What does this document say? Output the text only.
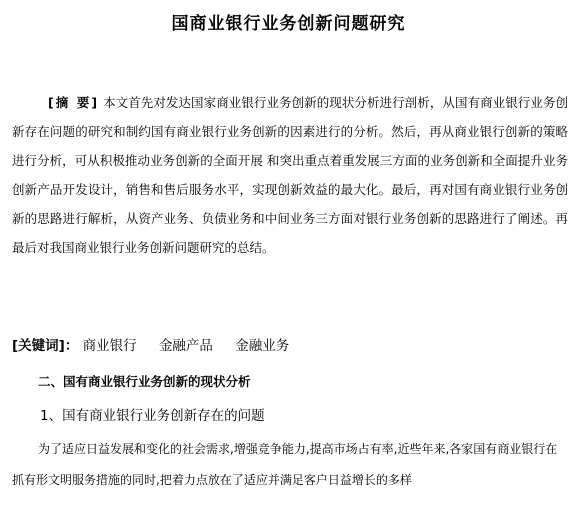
国商业银行业务创新问题研究

[摘 要] 本文首先对发达国家商业银行业务创新的现状分析进行剖析，从国有商业银行业务创新存在问题的研究和制约国有商业银行业务创新的因素进行的分析。然后，再从商业银行创新的策略进行分析，可从积极推动业务创新的全面开展 和突出重点着重发展三方面的业务创新和全面提升业务创新产品开发设计，销售和售后服务水平，实现创新效益的最大化。最后，再对国有商业银行业务创新的思路进行解析，从资产业务、负债业务和中间业务三方面对银行业务创新的思路进行了阐述。再最后对我国商业银行业务创新问题研究的总结。

[关键词]： 商业银行 金融产品 金融业务
二、国有商业银行业务创新的现状分析
1、国有商业银行业务创新存在的问题

为了适应日益发展和变化的社会需求,增强竞争能力,提高市场占有率,近些年来,各家国有商业银行在抓有形文明服务措施的同时,把着力点放在了适应并满足客户日益增长的多样
